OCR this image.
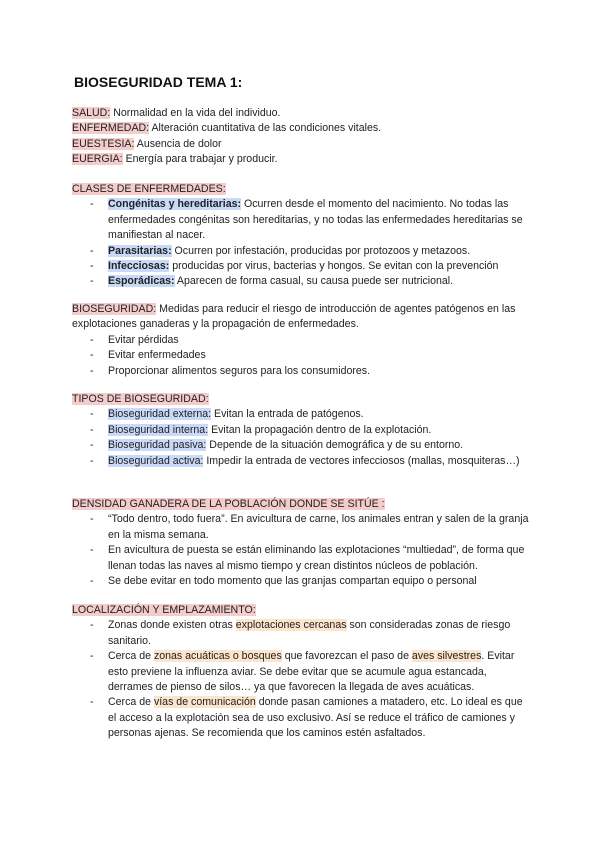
BIOSEGURIDAD TEMA 1:
SALUD: Normalidad en la vida del individuo.
ENFERMEDAD: Alteración cuantitativa de las condiciones vitales.
EUESTESIA: Ausencia de dolor
EUERGIA: Energía para trabajar y producir.
CLASES DE ENFERMEDADES:
- Congénitas y hereditarias: Ocurren desde el momento del nacimiento. No todas las enfermedades congénitas son hereditarias, y no todas las enfermedades hereditarias se manifiestan al nacer.
- Parasitarias: Ocurren por infestación, producidas por protozoos y metazoos.
- Infecciosas: producidas por virus, bacterias y hongos. Se evitan con la prevención
- Esporádicas: Aparecen de forma casual, su causa puede ser nutricional.
BIOSEGURIDAD: Medidas para reducir el riesgo de introducción de agentes patógenos en las explotaciones ganaderas y la propagación de enfermedades.
- Evitar pérdidas
- Evitar enfermedades
- Proporcionar alimentos seguros para los consumidores.
TIPOS DE BIOSEGURIDAD:
- Bioseguridad externa: Evitan la entrada de patógenos.
- Bioseguridad interna: Evitan la propagación dentro de la explotación.
- Bioseguridad pasiva: Depende de la situación demográfica y de su entorno.
- Bioseguridad activa: Impedir la entrada de vectores infecciosos (mallas, mosquiteras…)
DENSIDAD GANADERA DE LA POBLACIÓN DONDE SE SITÚE :
- “Todo dentro, todo fuera”. En avicultura de carne, los animales entran y salen de la granja en la misma semana.
- En avicultura de puesta se están eliminando las explotaciones “multiedad”, de forma que llenan todas las naves al mismo tiempo y crean distintos núcleos de población.
- Se debe evitar en todo momento que las granjas compartan equipo o personal
LOCALIZACIÓN Y EMPLAZAMIENTO:
- Zonas donde existen otras explotaciones cercanas son consideradas zonas de riesgo sanitario.
- Cerca de zonas acuáticas o bosques que favorezcan el paso de aves silvestres. Evitar esto previene la influenza aviar. Se debe evitar que se acumule agua estancada, derrames de pienso de silos… ya que favorecen la llegada de aves acuáticas.
- Cerca de vías de comunicación donde pasan camiones a matadero, etc. Lo ideal es que el acceso a la explotación sea de uso exclusivo. Así se reduce el tráfico de camiones y personas ajenas. Se recomienda que los caminos estén asfaltados.
